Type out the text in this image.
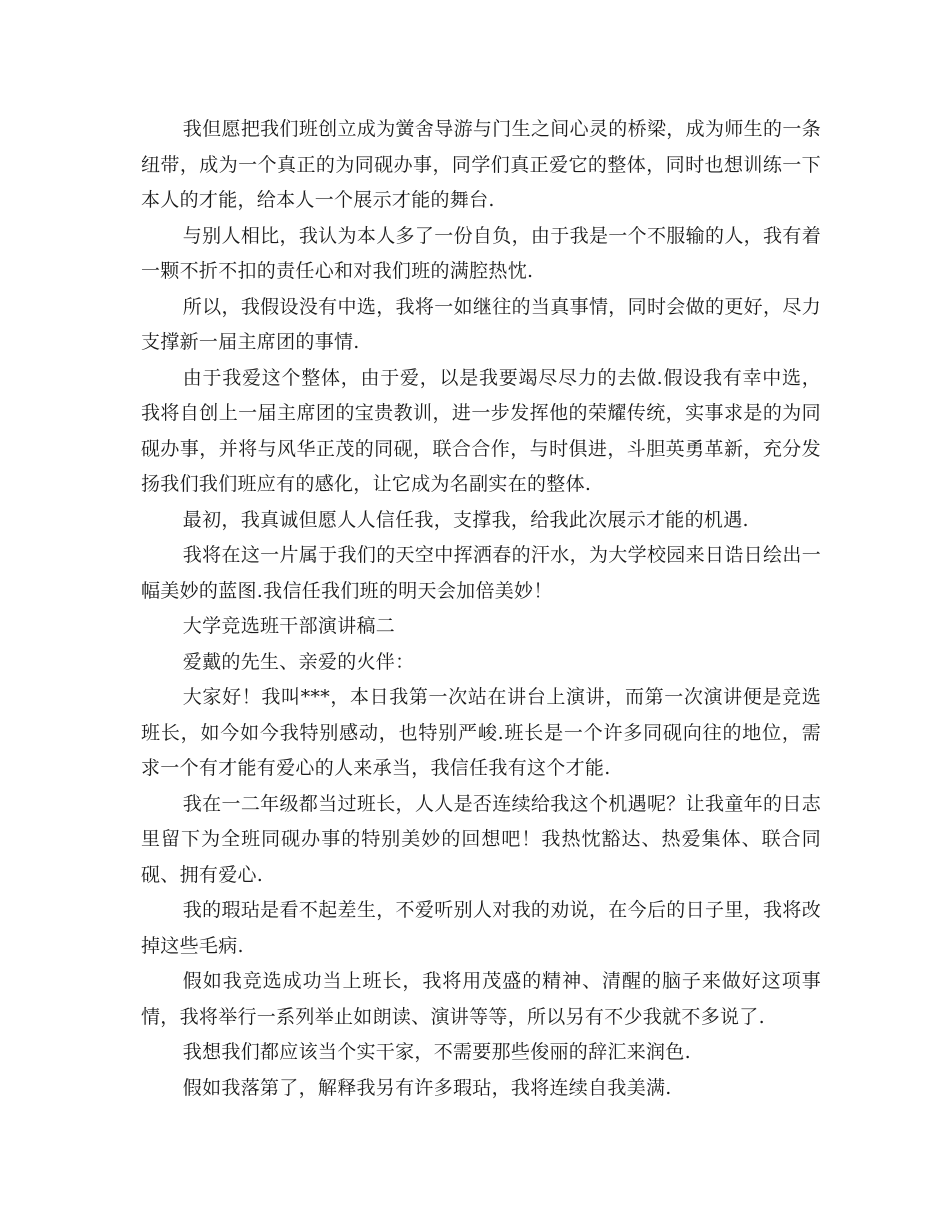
我但愿把我们班创立成为黉舍导游与门生之间心灵的桥梁，成为师生的一条纽带，成为一个真正的为同砚办事，同学们真正爱它的整体，同时也想训练一下本人的才能，给本人一个展示才能的舞台.

与别人相比，我认为本人多了一份自负，由于我是一个不服输的人，我有着一颗不折不扣的责任心和对我们班的满腔热忱.

所以，我假设没有中选，我将一如继往的当真事情，同时会做的更好，尽力支撑新一届主席团的事情.

由于我爱这个整体，由于爱，以是我要竭尽尽力的去做.假设我有幸中选，我将自创上一届主席团的宝贵教训，进一步发挥他的荣耀传统，实事求是的为同砚办事，并将与风华正茂的同砚，联合合作，与时俱进，斗胆英勇革新，充分发扬我们我们班应有的感化，让它成为名副实在的整体.

最初，我真诚但愿人人信任我，支撑我，给我此次展示才能的机遇.

我将在这一片属于我们的天空中挥洒春的汗水，为大学校园来日诰日绘出一幅美妙的蓝图.我信任我们班的明天会加倍美妙！

大学竞选班干部演讲稿二

爱戴的先生、亲爱的火伴：

大家好！我叫***，本日我第一次站在讲台上演讲，而第一次演讲便是竞选班长，如今如今我特别感动，也特别严峻.班长是一个许多同砚向往的地位，需求一个有才能有爱心的人来承当，我信任我有这个才能.

我在一二年级都当过班长，人人是否连续给我这个机遇呢？让我童年的日志里留下为全班同砚办事的特别美妙的回想吧！我热忱豁达、热爱集体、联合同砚、拥有爱心.

我的瑕玷是看不起差生，不爱听别人对我的劝说，在今后的日子里，我将改掉这些毛病.

假如我竞选成功当上班长，我将用茂盛的精神、清醒的脑子来做好这项事情，我将举行一系列举止如朗读、演讲等等，所以另有不少我就不多说了.

我想我们都应该当个实干家，不需要那些俊丽的辞汇来润色.

假如我落第了，解释我另有许多瑕玷，我将连续自我美满.
